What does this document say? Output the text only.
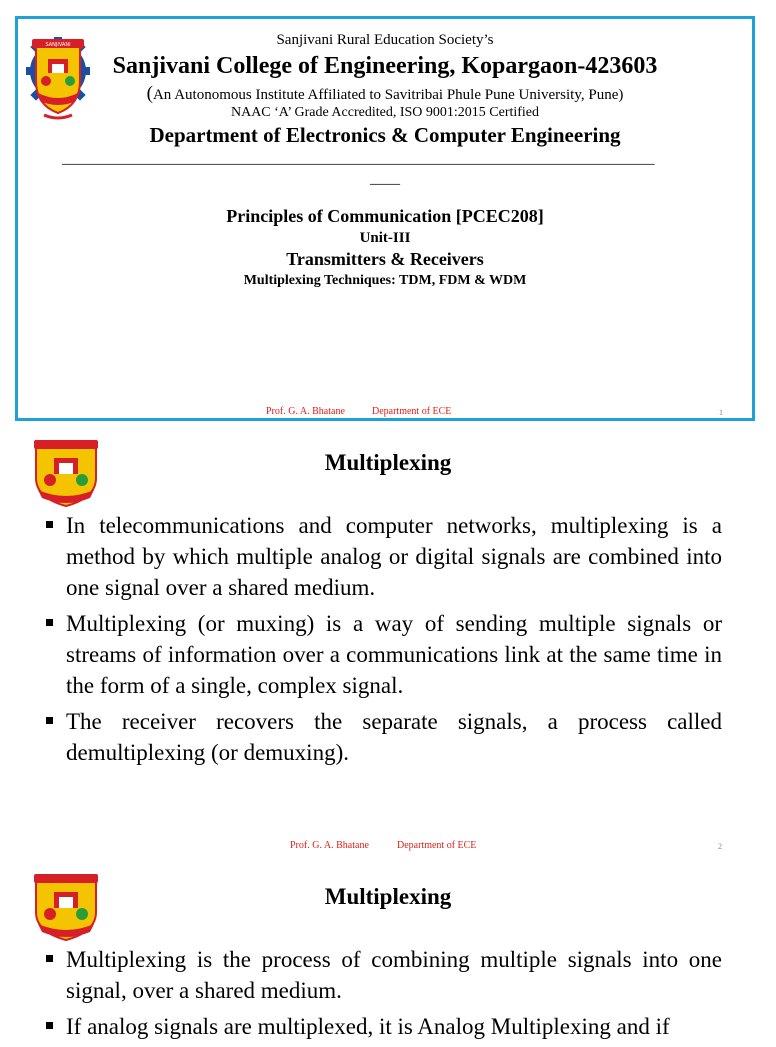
SANJIVANI	Sanjivani Rural Education Society’s
Sanjivani College of Engineering, Kopargaon-423603
(An Autonomous Institute Affiliated to Savitribai Phule Pune University, Pune)
NAAC ‘A’ Grade Accredited, ISO 9001:2015 Certified
Department of Electronics & Computer Engineering
_______________________________________________________________________________
____
Principles of Communication [PCEC208]
Unit-III
Transmitters & Receivers
Multiplexing Techniques: TDM, FDM & WDM
Prof. G. A. Bhatane	Department of ECE	1
Multiplexing
In telecommunications and computer networks, multiplexing is a method by which multiple analog or digital signals are combined into one signal over a shared medium.
Multiplexing (or muxing) is a way of sending multiple signals or streams of information over a communications link at the same time in the form of a single, complex signal.
The receiver recovers the separate signals, a process called demultiplexing (or demuxing).
Prof. G. A. Bhatane	Department of ECE	2
Multiplexing
Multiplexing is the process of combining multiple signals into one signal, over a shared medium.
If analog signals are multiplexed, it is Analog Multiplexing and if
